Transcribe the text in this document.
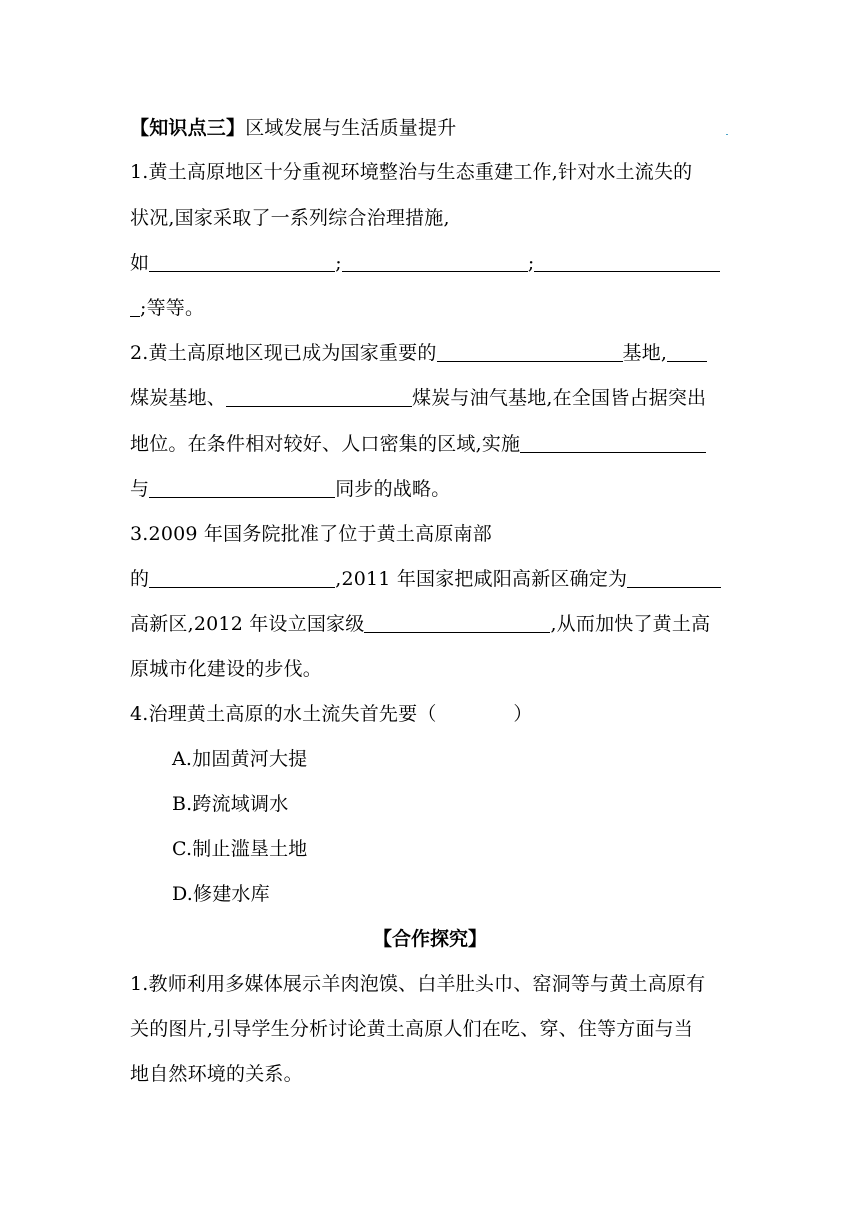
【知识点三】区域发展与生活质量提升
1.黄土高原地区十分重视环境整治与生态重建工作,针对水土流失的
状况,国家采取了一系列综合治理措施,
如	;	;
;等等。
2.黄土高原地区现已成为国家重要的	基地,
煤炭基地、	煤炭与油气基地,在全国皆占据突出
地位。在条件相对较好、人口密集的区域,实施
与	同步的战略。
3.2009 年国务院批准了位于黄土高原南部
的	,2011 年国家把咸阳高新区确定为
高新区,2012 年设立国家级	,从而加快了黄土高
原城市化建设的步伐。
4.治理黄土高原的水土流失首先要（　　　　）
A.加固黄河大提
B.跨流域调水
C.制止滥垦土地
D.修建水库
【合作探究】
1.教师利用多媒体展示羊肉泡馍、白羊肚头巾、窑洞等与黄土高原有
关的图片,引导学生分析讨论黄土高原人们在吃、穿、住等方面与当
地自然环境的关系。
